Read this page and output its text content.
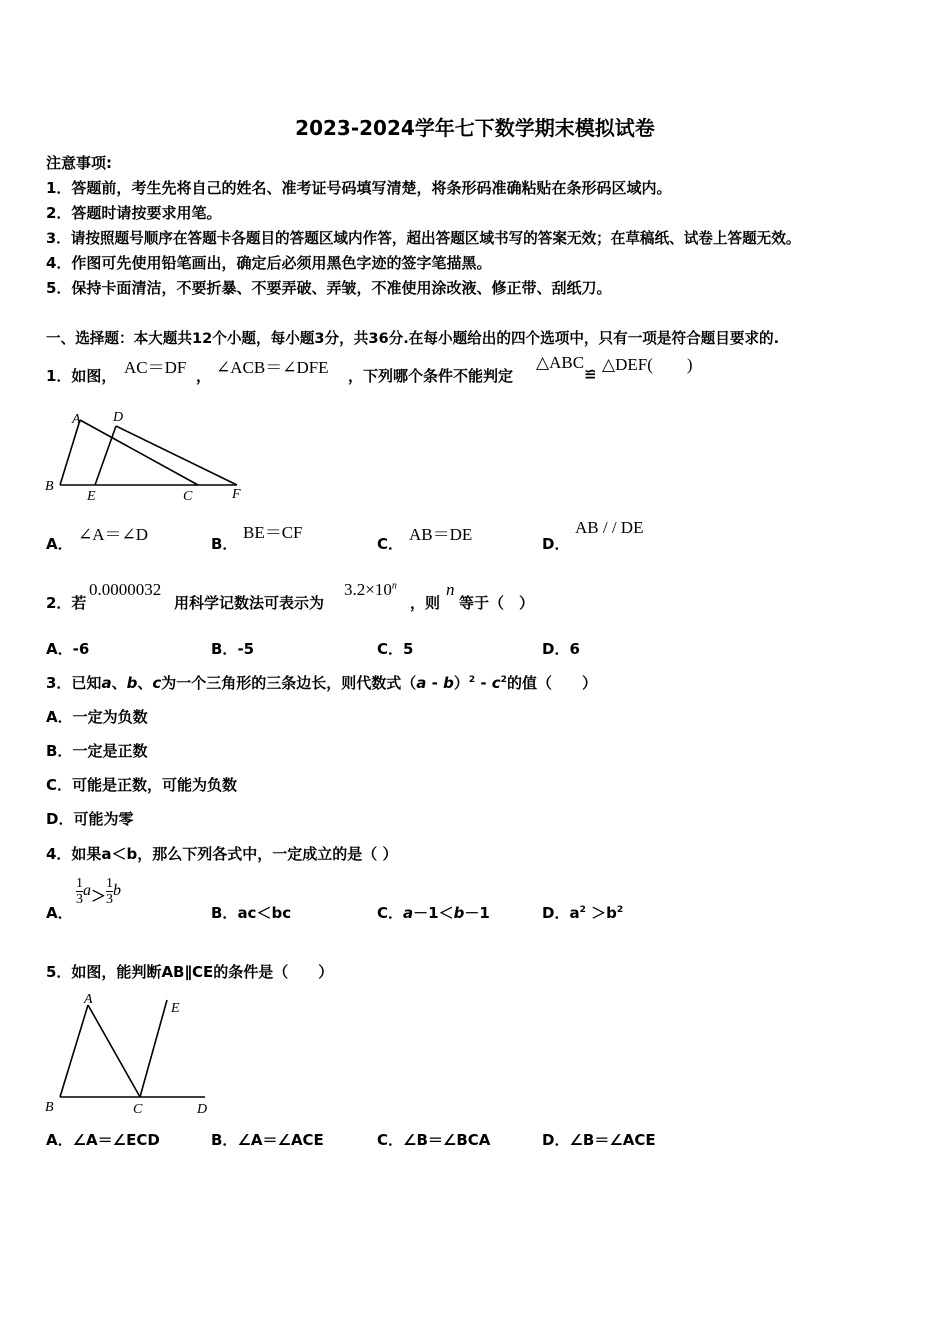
2023-2024学年七下数学期末模拟试卷
注意事项:
1．答题前，考生先将自己的姓名、准考证号码填写清楚，将条形码准确粘贴在条形码区域内。
2．答题时请按要求用笔。
3．请按照题号顺序在答题卡各题目的答题区域内作答，超出答题区域书写的答案无效；在草稿纸、试卷上答题无效。
4．作图可先使用铅笔画出，确定后必须用黑色字迹的签字笔描黑。
5．保持卡面清洁，不要折暴、不要弄破、弄皱，不准使用涂改液、修正带、刮纸刀。
一、选择题：本大题共12个小题，每小题3分，共36分.在每小题给出的四个选项中，只有一项是符合题目要求的.
1．如图， AC＝DF ， ∠ACB＝∠DFE ，下列哪个条件不能判定
△ABC
≌ △DEF(　　)
A D
B
E	C	F
A． ∠A＝∠D	B．
BE＝CF
C． AB＝DE	D．
AB / / DE
2．若
0.0000032
用科学记数法可表示为
$3.2\times 10^n$
，则
n
等于（　）
A．-6	B．-5	C．5	D．6
3．已知a、b、c为一个三角形的三条边长，则代数式$(a - b)^2 - c^2$的值（　　）
A．一定为负数
B．一定是正数
C．可能是正数，可能为负数
D．可能为零
4．如果a＜b，那么下列各式中，一定成立的是（ ）
A．
$\frac{1}{3} a> \frac{1}{3}$ b
B．ac＜bc	C．a－1＜b－1	D．$a^2 >b^2$
5．如图，能判断AB∥CE的条件是（　　）
A
E
B	C	D
A．∠A＝∠ECD	B．∠A＝∠ACE	C．∠B＝∠BCA	D．∠B＝∠ACE
